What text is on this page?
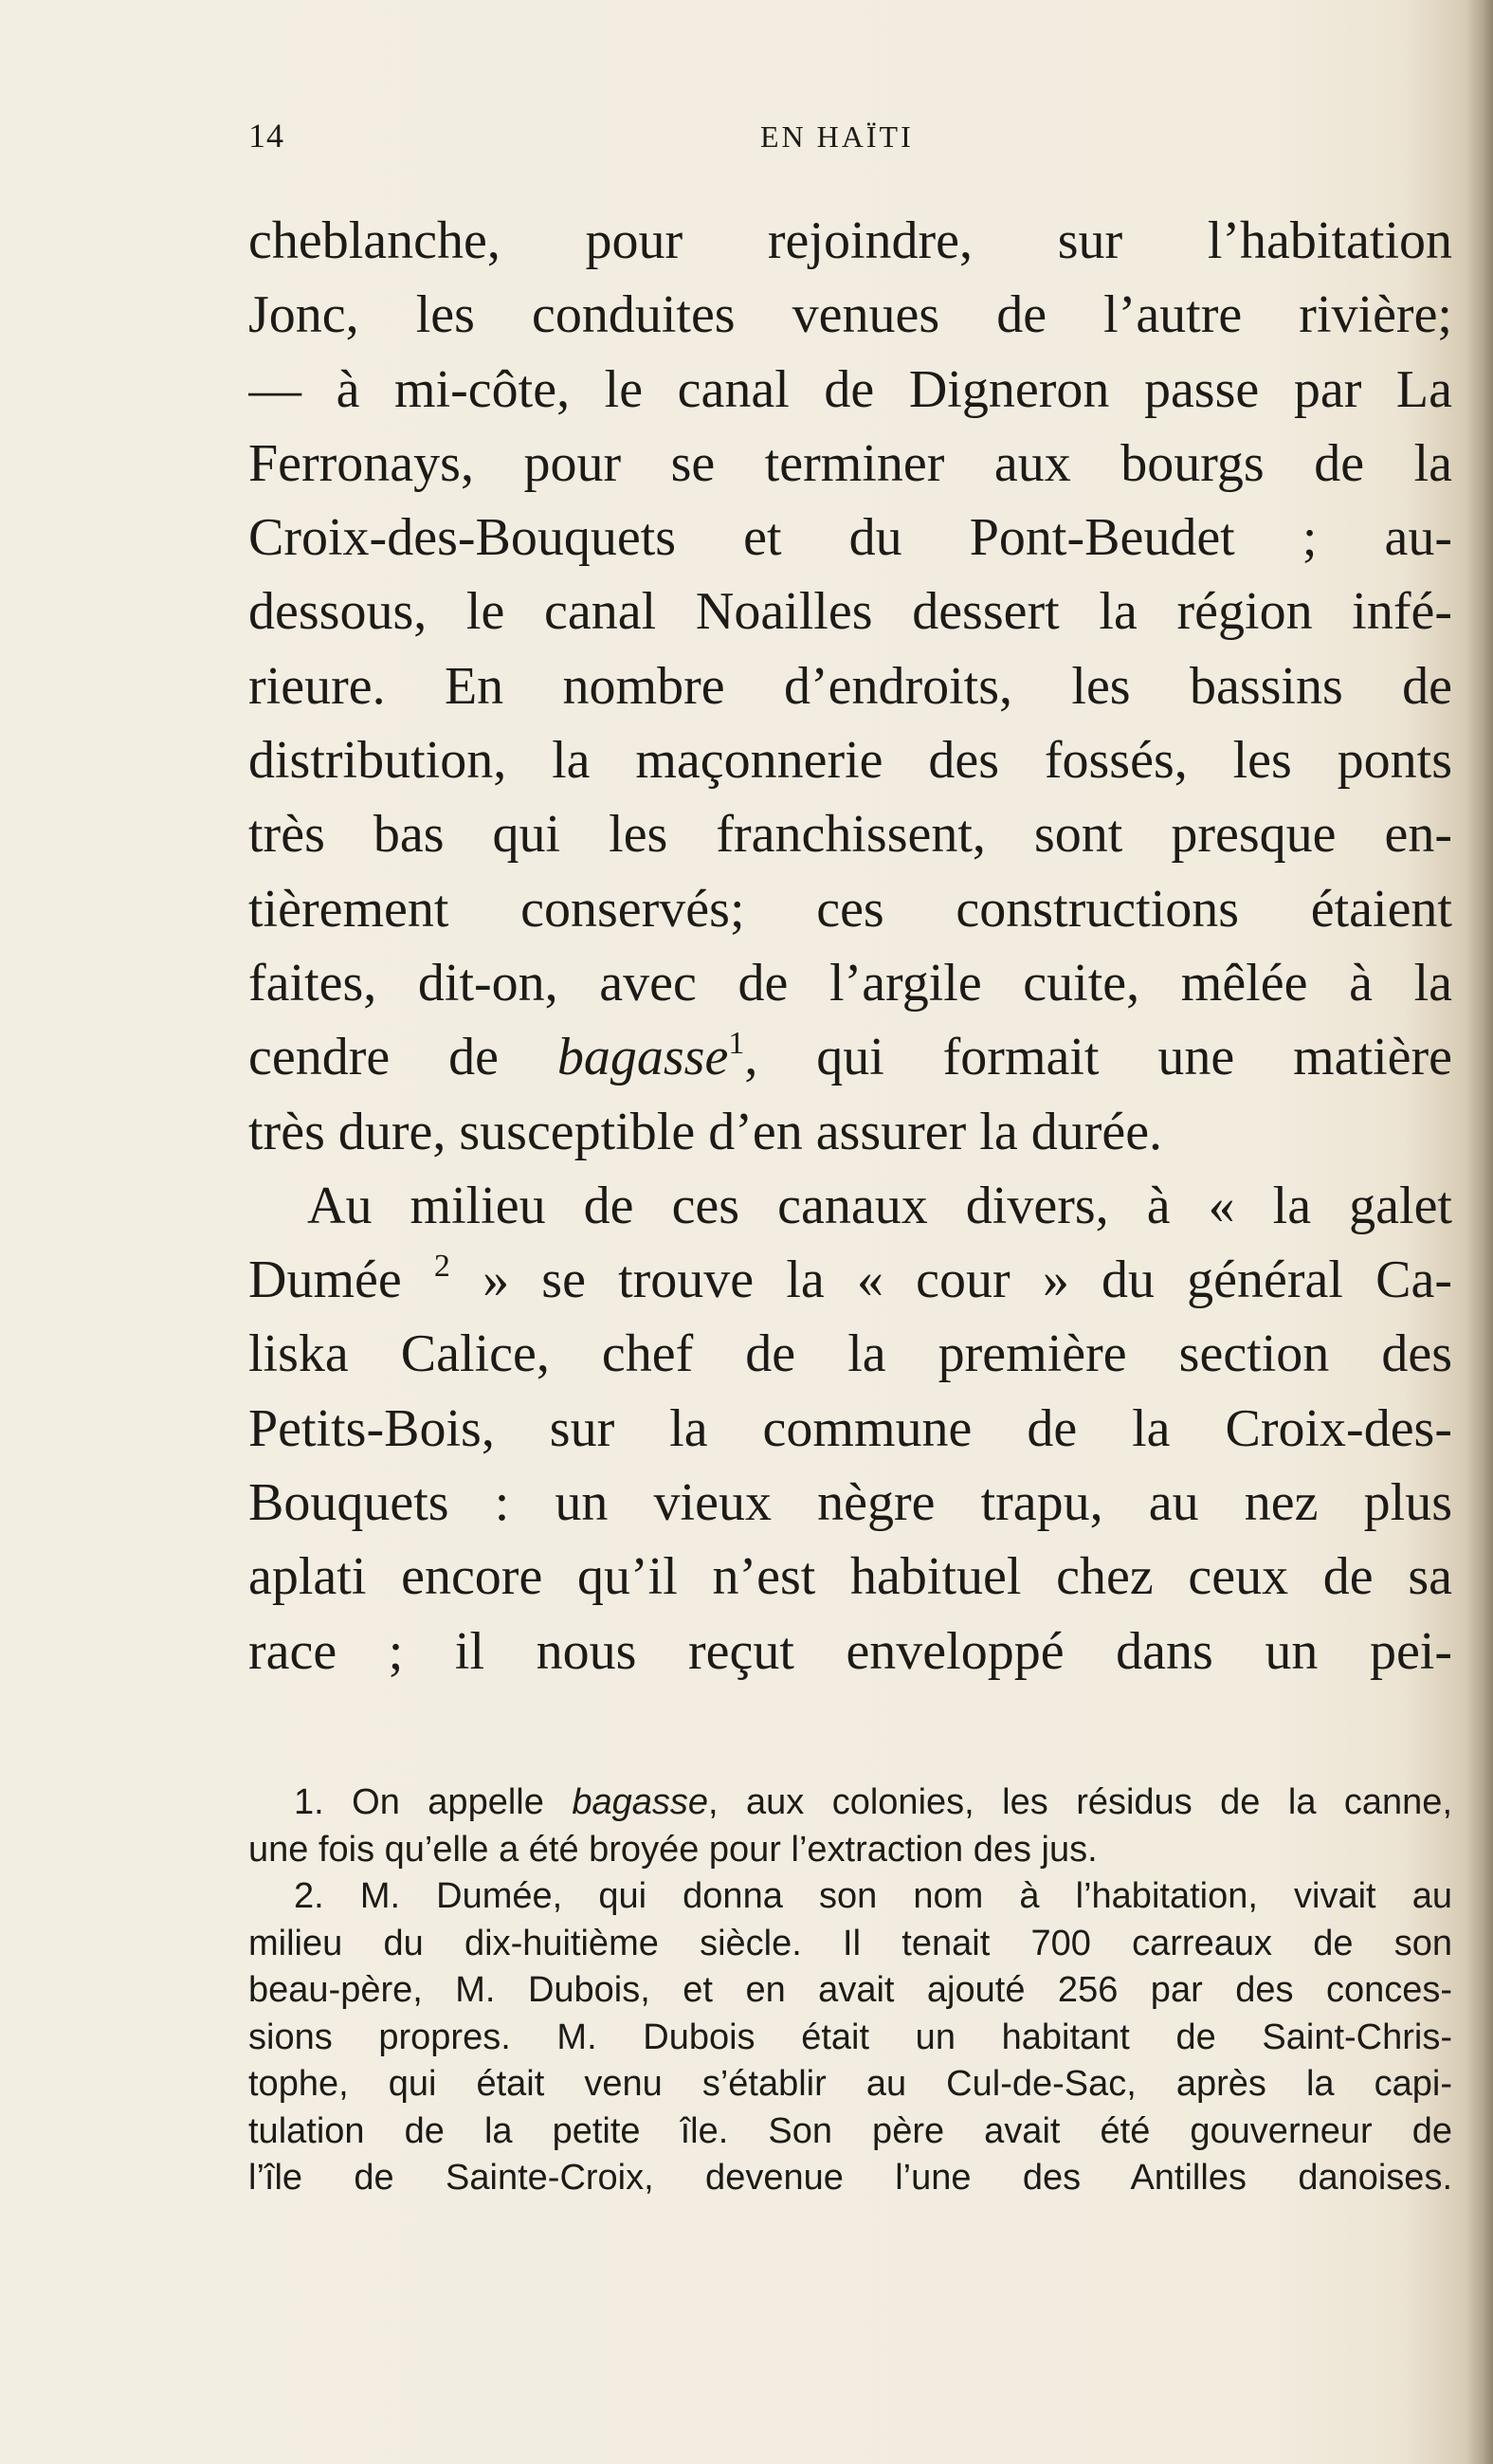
14	EN HAÏTI
cheblanche, pour rejoindre, sur l’habitation
Jonc, les conduites venues de l’autre rivière;
— à mi-côte, le canal de Digneron passe par La
Ferronays, pour se terminer aux bourgs de la
Croix-des-Bouquets et du Pont-Beudet ; au-
dessous, le canal Noailles dessert la région infé-
rieure. En nombre d’endroits, les bassins de
distribution, la maçonnerie des fossés, les ponts
très bas qui les franchissent, sont presque en-
tièrement conservés; ces constructions étaient
faites, dit-on, avec de l’argile cuite, mêlée à la
cendre de bagasse$^1$, qui formait une matière
très dure, susceptible d’en assurer la durée.
Au milieu de ces canaux divers, à « la galet
Dumée $^2$ » se trouve la « cour » du général Ca-
liska Calice, chef de la première section des
Petits-Bois, sur la commune de la Croix-des-
Bouquets : un vieux nègre trapu, au nez plus
aplati encore qu’il n’est habituel chez ceux de sa
race ; il nous reçut enveloppé dans un pei-
1. On appelle bagasse, aux colonies, les résidus de la canne,
une fois qu’elle a été broyée pour l’extraction des jus.
2. M. Dumée, qui donna son nom à l’habitation, vivait au
milieu du dix-huitième siècle. Il tenait 700 carreaux de son
beau-père, M. Dubois, et en avait ajouté 256 par des conces-
sions propres. M. Dubois était un habitant de Saint-Chris-
tophe, qui était venu s’établir au Cul-de-Sac, après la capi-
tulation de la petite île. Son père avait été gouverneur de
l’île de Sainte-Croix, devenue l’une des Antilles danoises.
